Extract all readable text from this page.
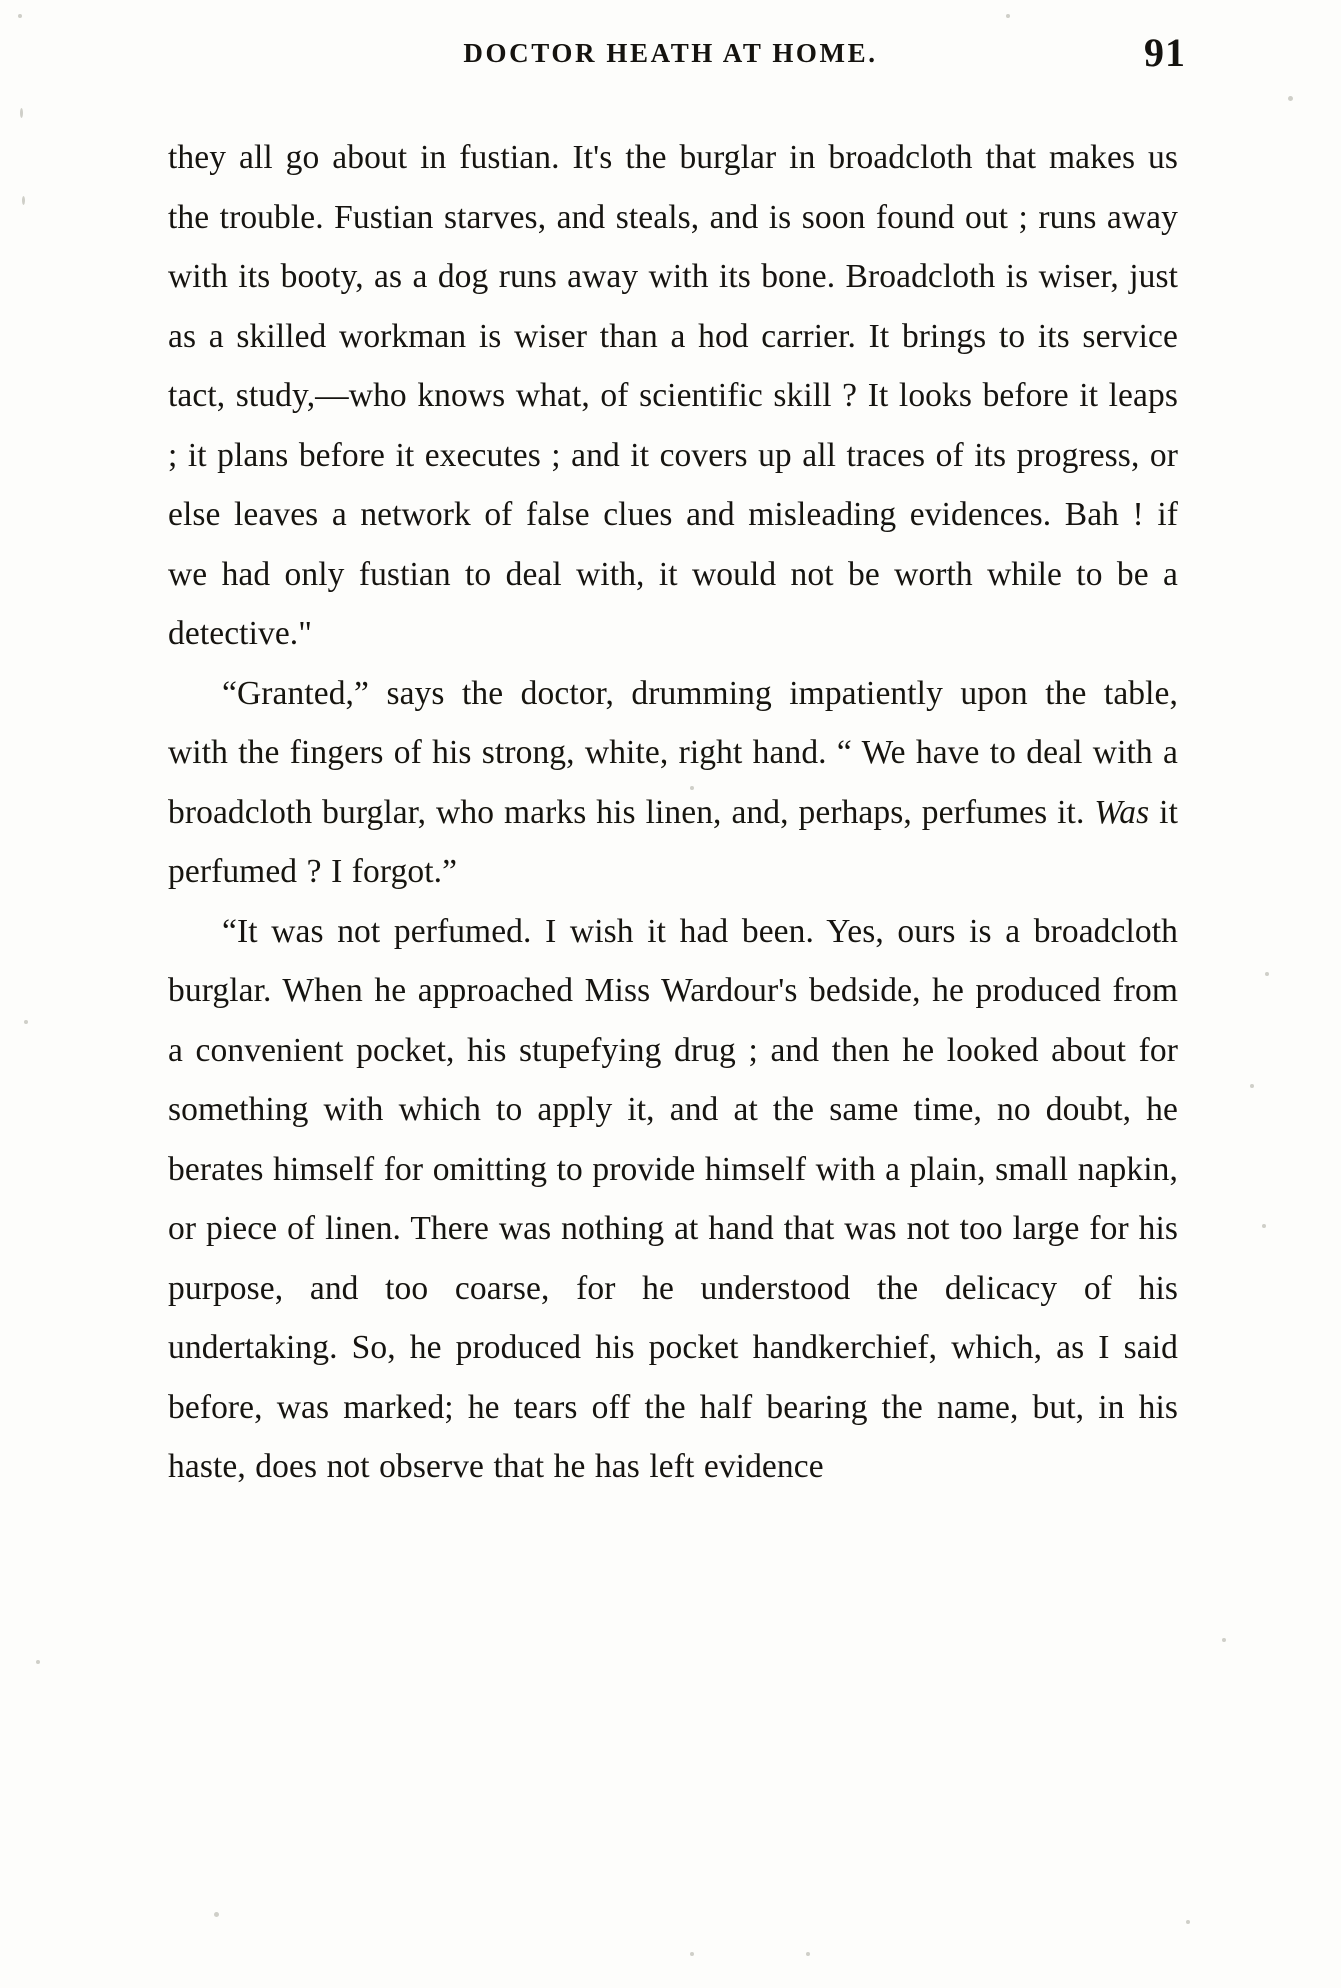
DOCTOR HEATH AT HOME.	91

they all go about in fustian. It's the burglar in broadcloth that makes us the trouble. Fustian starves, and steals, and is soon found out ; runs away with its booty, as a dog runs away with its bone. Broadcloth is wiser, just as a skilled workman is wiser than a hod carrier. It brings to its service tact, study,—who knows what, of scientific skill ? It looks before it leaps ; it plans before it executes ; and it covers up all traces of its progress, or else leaves a network of false clues and misleading evidences. Bah ! if we had only fustian to deal with, it would not be worth while to be a detective."

“Granted,” says the doctor, drumming impatiently upon the table, with the fingers of his strong, white, right hand. “ We have to deal with a broadcloth burglar, who marks his linen, and, perhaps, perfumes it. Was it perfumed ? I forgot.”

“It was not perfumed. I wish it had been. Yes, ours is a broadcloth burglar. When he approached Miss Wardour's bedside, he produced from a convenient pocket, his stupefying drug ; and then he looked about for something with which to apply it, and at the same time, no doubt, he berates himself for omitting to provide himself with a plain, small napkin, or piece of linen. There was nothing at hand that was not too large for his purpose, and too coarse, for he understood the delicacy of his undertaking. So, he produced his pocket handkerchief, which, as I said before, was marked; he tears off the half bearing the name, but, in his haste, does not observe that he has left evidence
